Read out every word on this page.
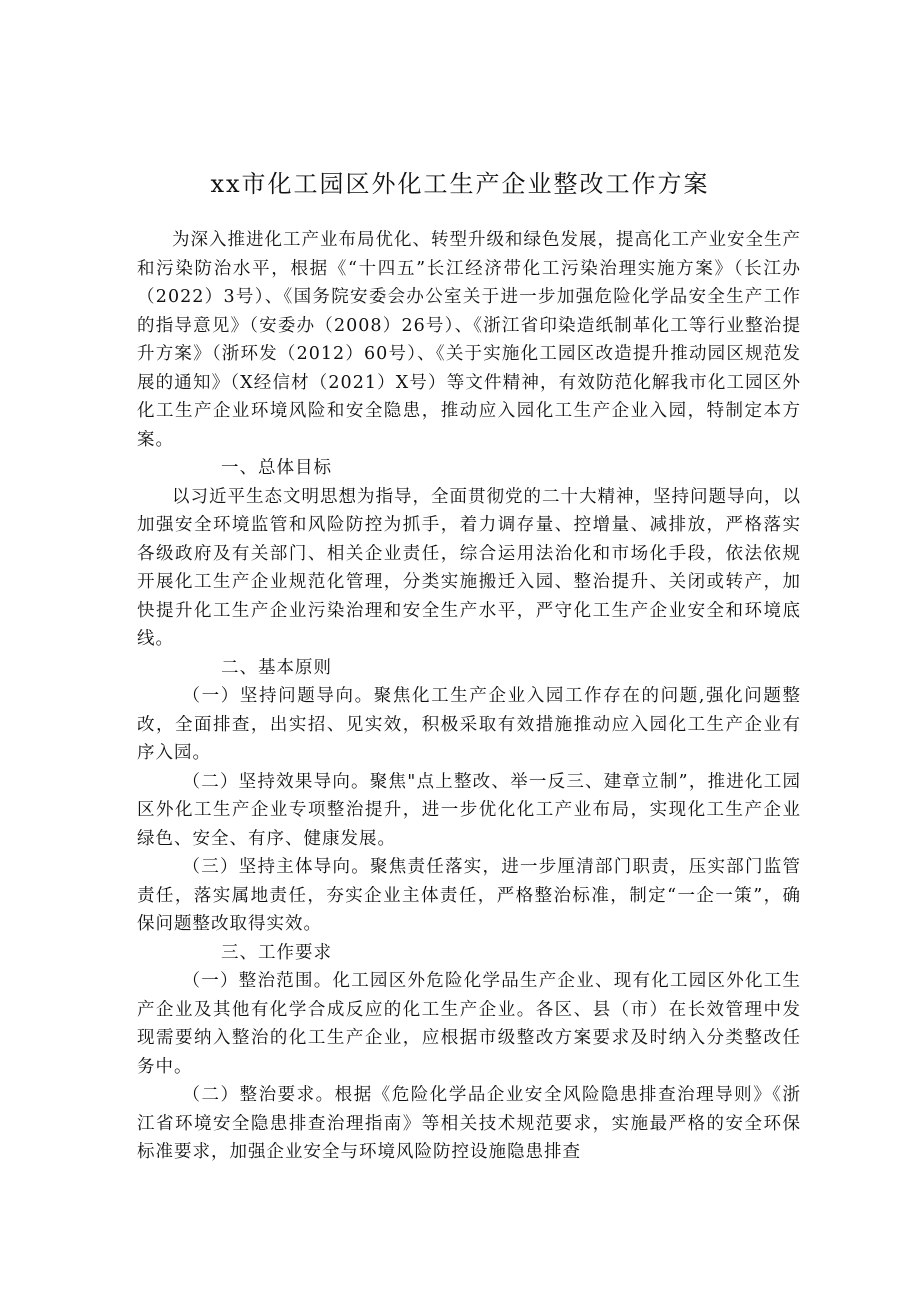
xx市化工园区外化工生产企业整改工作方案

为深入推进化工产业布局优化、转型升级和绿色发展，提高化工产业安全生产和污染防治水平，根据《“十四五”长江经济带化工污染治理实施方案》（长江办（2022）3号）、《国务院安委会办公室关于进一步加强危险化学品安全生产工作的指导意见》（安委办（2008）26号）、《浙江省印染造纸制革化工等行业整治提升方案》（浙环发（2012）60号）、《关于实施化工园区改造提升推动园区规范发展的通知》（X经信材（2021）X号）等文件精神，有效防范化解我市化工园区外化工生产企业环境风险和安全隐患，推动应入园化工生产企业入园，特制定本方案。

一、总体目标

以习近平生态文明思想为指导，全面贯彻党的二十大精神，坚持问题导向，以加强安全环境监管和风险防控为抓手，着力调存量、控增量、减排放，严格落实各级政府及有关部门、相关企业责任，综合运用法治化和市场化手段，依法依规开展化工生产企业规范化管理，分类实施搬迁入园、整治提升、关闭或转产，加快提升化工生产企业污染治理和安全生产水平，严守化工生产企业安全和环境底线。

二、基本原则

（一）坚持问题导向。聚焦化工生产企业入园工作存在的问题,强化问题整改，全面排查，出实招、见实效，积极采取有效措施推动应入园化工生产企业有序入园。

（二）坚持效果导向。聚焦"点上整改、举一反三、建章立制”，推进化工园区外化工生产企业专项整治提升，进一步优化化工产业布局，实现化工生产企业绿色、安全、有序、健康发展。

（三）坚持主体导向。聚焦责任落实，进一步厘清部门职责，压实部门监管责任，落实属地责任，夯实企业主体责任，严格整治标准，制定“一企一策”，确保问题整改取得实效。

三、工作要求

（一）整治范围。化工园区外危险化学品生产企业、现有化工园区外化工生产企业及其他有化学合成反应的化工生产企业。各区、县（市）在长效管理中发现需要纳入整治的化工生产企业，应根据市级整改方案要求及时纳入分类整改任务中。

（二）整治要求。根据《危险化学品企业安全风险隐患排查治理导则》《浙江省环境安全隐患排查治理指南》等相关技术规范要求，实施最严格的安全环保标准要求，加强企业安全与环境风险防控设施隐患排查
